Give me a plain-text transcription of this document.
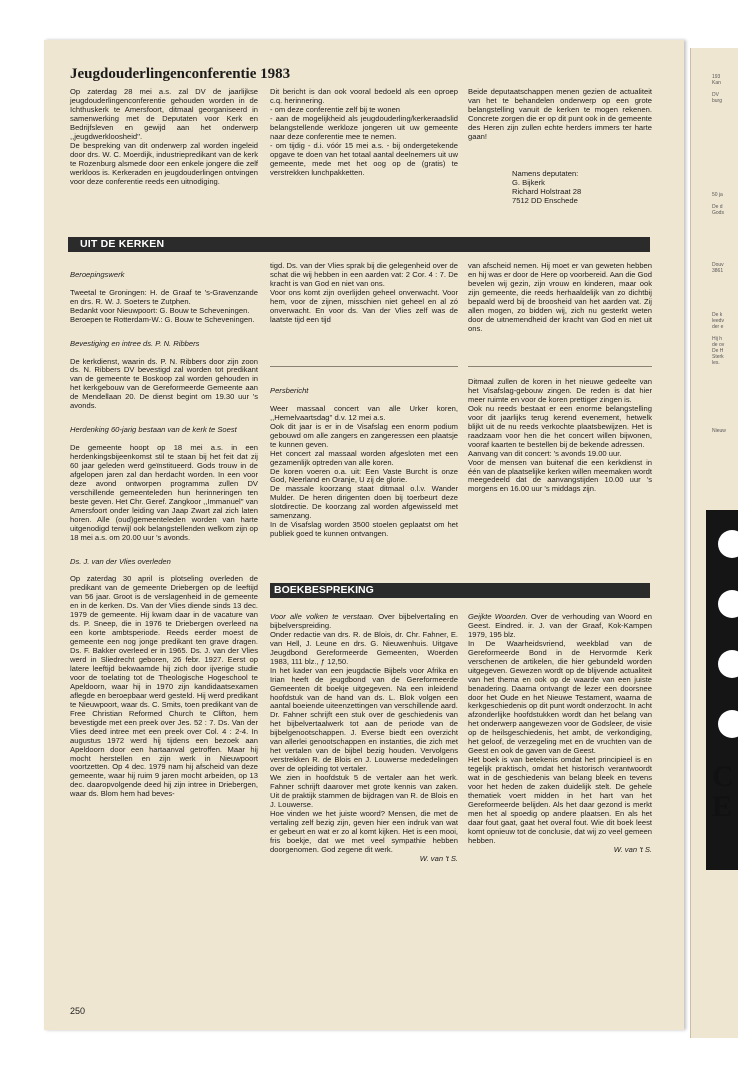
193
Kan

DV
burg
50 ja

De d
Gods
Douv
3861
De k
leedv
der e

Hij h
de ov
De H
Sterk
les.
Nieuw
C
E
Jeugdouderlingenconferentie 1983
Op zaterdag 28 mei a.s. zal DV de jaarlijkse jeugdouderlingenconferentie gehouden worden in de Ichthuskerk te Amersfoort, ditmaal georganiseerd in samenwerking met de Deputaten voor Kerk en Bedrijfsleven en gewijd aan het onderwerp ,,jeugdwerkloosheid''.
De bespreking van dit onderwerp zal worden ingeleid door drs. W. C. Moerdijk, industriepredikant van de kerk te Rozenburg alsmede door een enkele jongere die zelf werkloos is. Kerkeraden en jeugdouderlingen ontvingen voor deze conferentie reeds een uitnodiging.
Dit bericht is dan ook vooral bedoeld als een oproep c.q. herinnering.
- om deze conferentie zelf bij te wonen
- aan de mogelijkheid als jeugdouderling/kerkeraadslid belangstellende werkloze jongeren uit uw gemeente naar deze conferentie mee te nemen.
- om tijdig - d.i. vóór 15 mei a.s. - bij ondergetekende opgave te doen van het totaal aantal deelnemers uit uw gemeente, mede met het oog op de (gratis) te verstrekken lunchpakketten.
Beide deputaatschappen menen gezien de actualiteit van het te behandelen onderwerp op een grote belangstelling vanuit de kerken te mogen rekenen. Concrete zorgen die er op dit punt ook in de gemeente des Heren zijn zullen echte herders immers ter harte gaan!
Namens deputaten:
G. Bijkerk
Richard Holstraat 28
7512 DD Enschede
UIT DE KERKEN

Beroepingswerk

Tweetal te Groningen: H. de Graaf te 's-Gravenzande en drs. R. W. J. Soeters te Zutphen.
Bedankt voor Nieuwpoort: G. Bouw te Scheveningen.
Beroepen te Rotterdam-W.: G. Bouw te Scheveningen.

Bevestiging en intree ds. P. N. Ribbers

De kerkdienst, waarin ds. P. N. Ribbers door zijn zoon ds. N. Ribbers DV bevestigd zal worden tot predikant van de gemeente te Boskoop zal worden gehouden in het kerkgebouw van de Gereformeerde Gemeente aan de Mendellaan 20. De dienst begint om 19.30 uur 's avonds.

Herdenking 60-jarig bestaan van de kerk te Soest

De gemeente hoopt op 18 mei a.s. in een herdenkingsbijeenkomst stil te staan bij het feit dat zij 60 jaar geleden werd geïnstitueerd. Gods trouw in de afgelopen jaren zal dan herdacht worden. In een voor deze avond ontworpen programma zullen DV verschillende gemeenteleden hun herinneringen ten beste geven. Het Chr. Geref. Zangkoor ,,Immanuel'' van Amersfoort onder leiding van Jaap Zwart zal zich laten horen. Alle (oud)gemeenteleden worden van harte uitgenodigd terwijl ook belangstellenden welkom zijn op 18 mei a.s. om 20.00 uur 's avonds.

Ds. J. van der Vlies overleden

Op zaterdag 30 april is plotseling overleden de predikant van de gemeente Driebergen op de leeftijd van 56 jaar. Groot is de verslagenheid in de gemeente en in de kerken. Ds. Van der Vlies diende sinds 13 dec. 1979 de gemeente. Hij kwam daar in de vacature van ds. P. Sneep, die in 1976 te Driebergen overleed na een korte ambtsperiode. Reeds eerder moest de gemeente een nog jonge predikant ten grave dragen. Ds. F. Bakker overleed er in 1965. Ds. J. van der Vlies werd in Sliedrecht geboren, 26 febr. 1927. Eerst op latere leeftijd bekwaamde hij zich door ijverige studie voor de toelating tot de Theologische Hogeschool te Apeldoorn, waar hij in 1970 zijn kandidaatsexamen aflegde en beroepbaar werd gesteld. Hij werd predikant te Nieuwpoort, waar ds. C. Smits, toen predikant van de Free Christian Reformed Church te Clifton, hem bevestigde met een preek over Jes. 52 : 7. Ds. Van der Vlies deed intree met een preek over Col. 4 : 2-4. In augustus 1972 werd hij tijdens een bezoek aan Apeldoorn door een hartaanval getroffen. Maar hij mocht herstellen en zijn werk in Nieuwpoort voortzetten. Op 4 dec. 1979 nam hij afscheid van deze gemeente, waar hij ruim 9 jaren mocht arbeiden, op 13 dec. daaropvolgende deed hij zijn intree in Driebergen, waar ds. Blom hem had beves-

tigd. Ds. van der Vlies sprak bij die gelegenheid over de schat die wij hebben in een aarden vat: 2 Cor. 4 : 7. De kracht is van God en niet van ons.
Voor ons komt zijn overlijden geheel onverwacht. Voor hem, voor de zijnen, misschien niet geheel en al zó onverwacht. En voor ds. Van der Vlies zelf was de laatste tijd een tijd
van afscheid nemen. Hij moet er van geweten hebben en hij was er door de Here op voorbereid. Aan die God bevelen wij gezin, zijn vrouw en kinderen, maar ook zijn gemeente, die reeds herhaaldelijk van zo dichtbij bepaald werd bij de broosheid van het aarden vat. Zij allen mogen, zo bidden wij, zich nu gesterkt weten door de uitnemendheid der kracht van God en niet uit ons.

Persbericht

Weer massaal concert van alle Urker koren, ,,Hemelvaartsdag'' d.v. 12 mei a.s.
Ook dit jaar is er in de Visafslag een enorm podium gebouwd om alle zangers en zangeressen een plaatsje te kunnen geven.
Het concert zal massaal worden afgesloten met een gezamenlijk optreden van alle koren.
De koren voeren o.a. uit: Een Vaste Burcht is onze God, Neerland en Oranje, U zij de glorie.
De massale koorzang staat ditmaal o.l.v. Wander Mulder. De heren dirigenten doen bij toerbeurt deze slotdirectie. De koorzang zal worden afgewisseld met samenzang.
In de Visafslag worden 3500 stoelen geplaatst om het publiek goed te kunnen ontvangen.

Ditmaal zullen de koren in het nieuwe gedeelte van het Visafslag-gebouw zingen. De reden is dat hier meer ruimte en voor de koren prettiger zingen is.
Ook nu reeds bestaat er een enorme belangstelling voor dit jaarlijks terug kerend evenement, hetwelk blijkt uit de nu reeds verkochte plaatsbewijzen. Het is raadzaam voor hen die het concert willen bijwonen, vooraf kaarten te bestellen bij de bekende adressen.
Aanvang van dit concert: 's avonds 19.00 uur.
Voor de mensen van buitenaf die een kerkdienst in één van de plaatselijke kerken willen meemaken wordt meegedeeld dat de aanvangstijden 10.00 uur 's morgens en 16.00 uur 's middags zijn.
BOEKBESPREKING

Voor alle volken te verstaan. Over bijbelvertaling en bijbelverspreiding.
Onder redactie van drs. R. de Blois, dr. Chr. Fahner, E. van Hell, J. Leune en drs. G. Nieuwenhuis. Uitgave Jeugdbond Gereformeerde Gemeenten, Woerden 1983, 111 blz., ƒ 12,50.
In het kader van een jeugdactie Bijbels voor Afrika en Irian heeft de jeugdbond van de Gereformeerde Gemeenten dit boekje uitgegeven. Na een inleidend hoofdstuk van de hand van ds. L. Blok volgen een aantal boeiende uiteenzettingen van verschillende aard.
Dr. Fahner schrijft een stuk over de geschiedenis van het bijbelvertaalwerk tot aan de periode van de bijbelgenootschappen. J. Everse biedt een overzicht van allerlei genootschappen en instanties, die zich met het vertalen van de bijbel bezig houden. Vervolgens verstrekken R. de Blois en J. Louwerse mededelingen over de opleiding tot vertaler.
We zien in hoofdstuk 5 de vertaler aan het werk. Fahner schrijft daarover met grote kennis van zaken. Uit de praktijk stammen de bijdragen van R. de Blois en J. Louwerse.
Hoe vinden we het juiste woord? Mensen, die met de vertaling zelf bezig zijn, geven hier een indruk van wat er gebeurt en wat er zo al komt kijken. Het is een mooi, fris boekje, dat we met veel sympathie hebben doorgenomen. God zegene dit werk.

W. van 't S.

Geijkte Woorden. Over de verhouding van Woord en Geest. Eindred. ir. J. van der Graaf, Kok-Kampen 1979, 195 blz.
In De Waarheidsvriend, weekblad van de Gereformeerde Bond in de Hervormde Kerk verschenen de artikelen, die hier gebundeld worden uitgegeven. Gewezen wordt op de blijvende actualiteit van het thema en ook op de waarde van een juiste benadering. Daarna ontvangt de lezer een doorsnee door het Oude en het Nieuwe Testament, waarna de kerkgeschiedenis op dit punt wordt onderzocht. In acht afzonderlijke hoofdstukken wordt dan het belang van het onderwerp aangewezen voor de Godsleer, de visie op de heilsgeschiedenis, het ambt, de verkondiging, het geloof, de verzegeling met en de vruchten van de Geest en ook de gaven van de Geest.
Het boek is van betekenis omdat het principieel is en tegelijk praktisch, omdat het historisch verantwoordt wat in de geschiedenis van belang bleek en tevens voor het heden de zaken duidelijk stelt. De gehele thematiek voert midden in het hart van het Gereformeerde belijden. Als het daar gezond is merkt men het al spoedig op andere plaatsen. En als het daar fout gaat, gaat het overal fout. Wie dit boek leest komt opnieuw tot de conclusie, dat wij zo veel gemeen hebben.

W. van 't S.

250
